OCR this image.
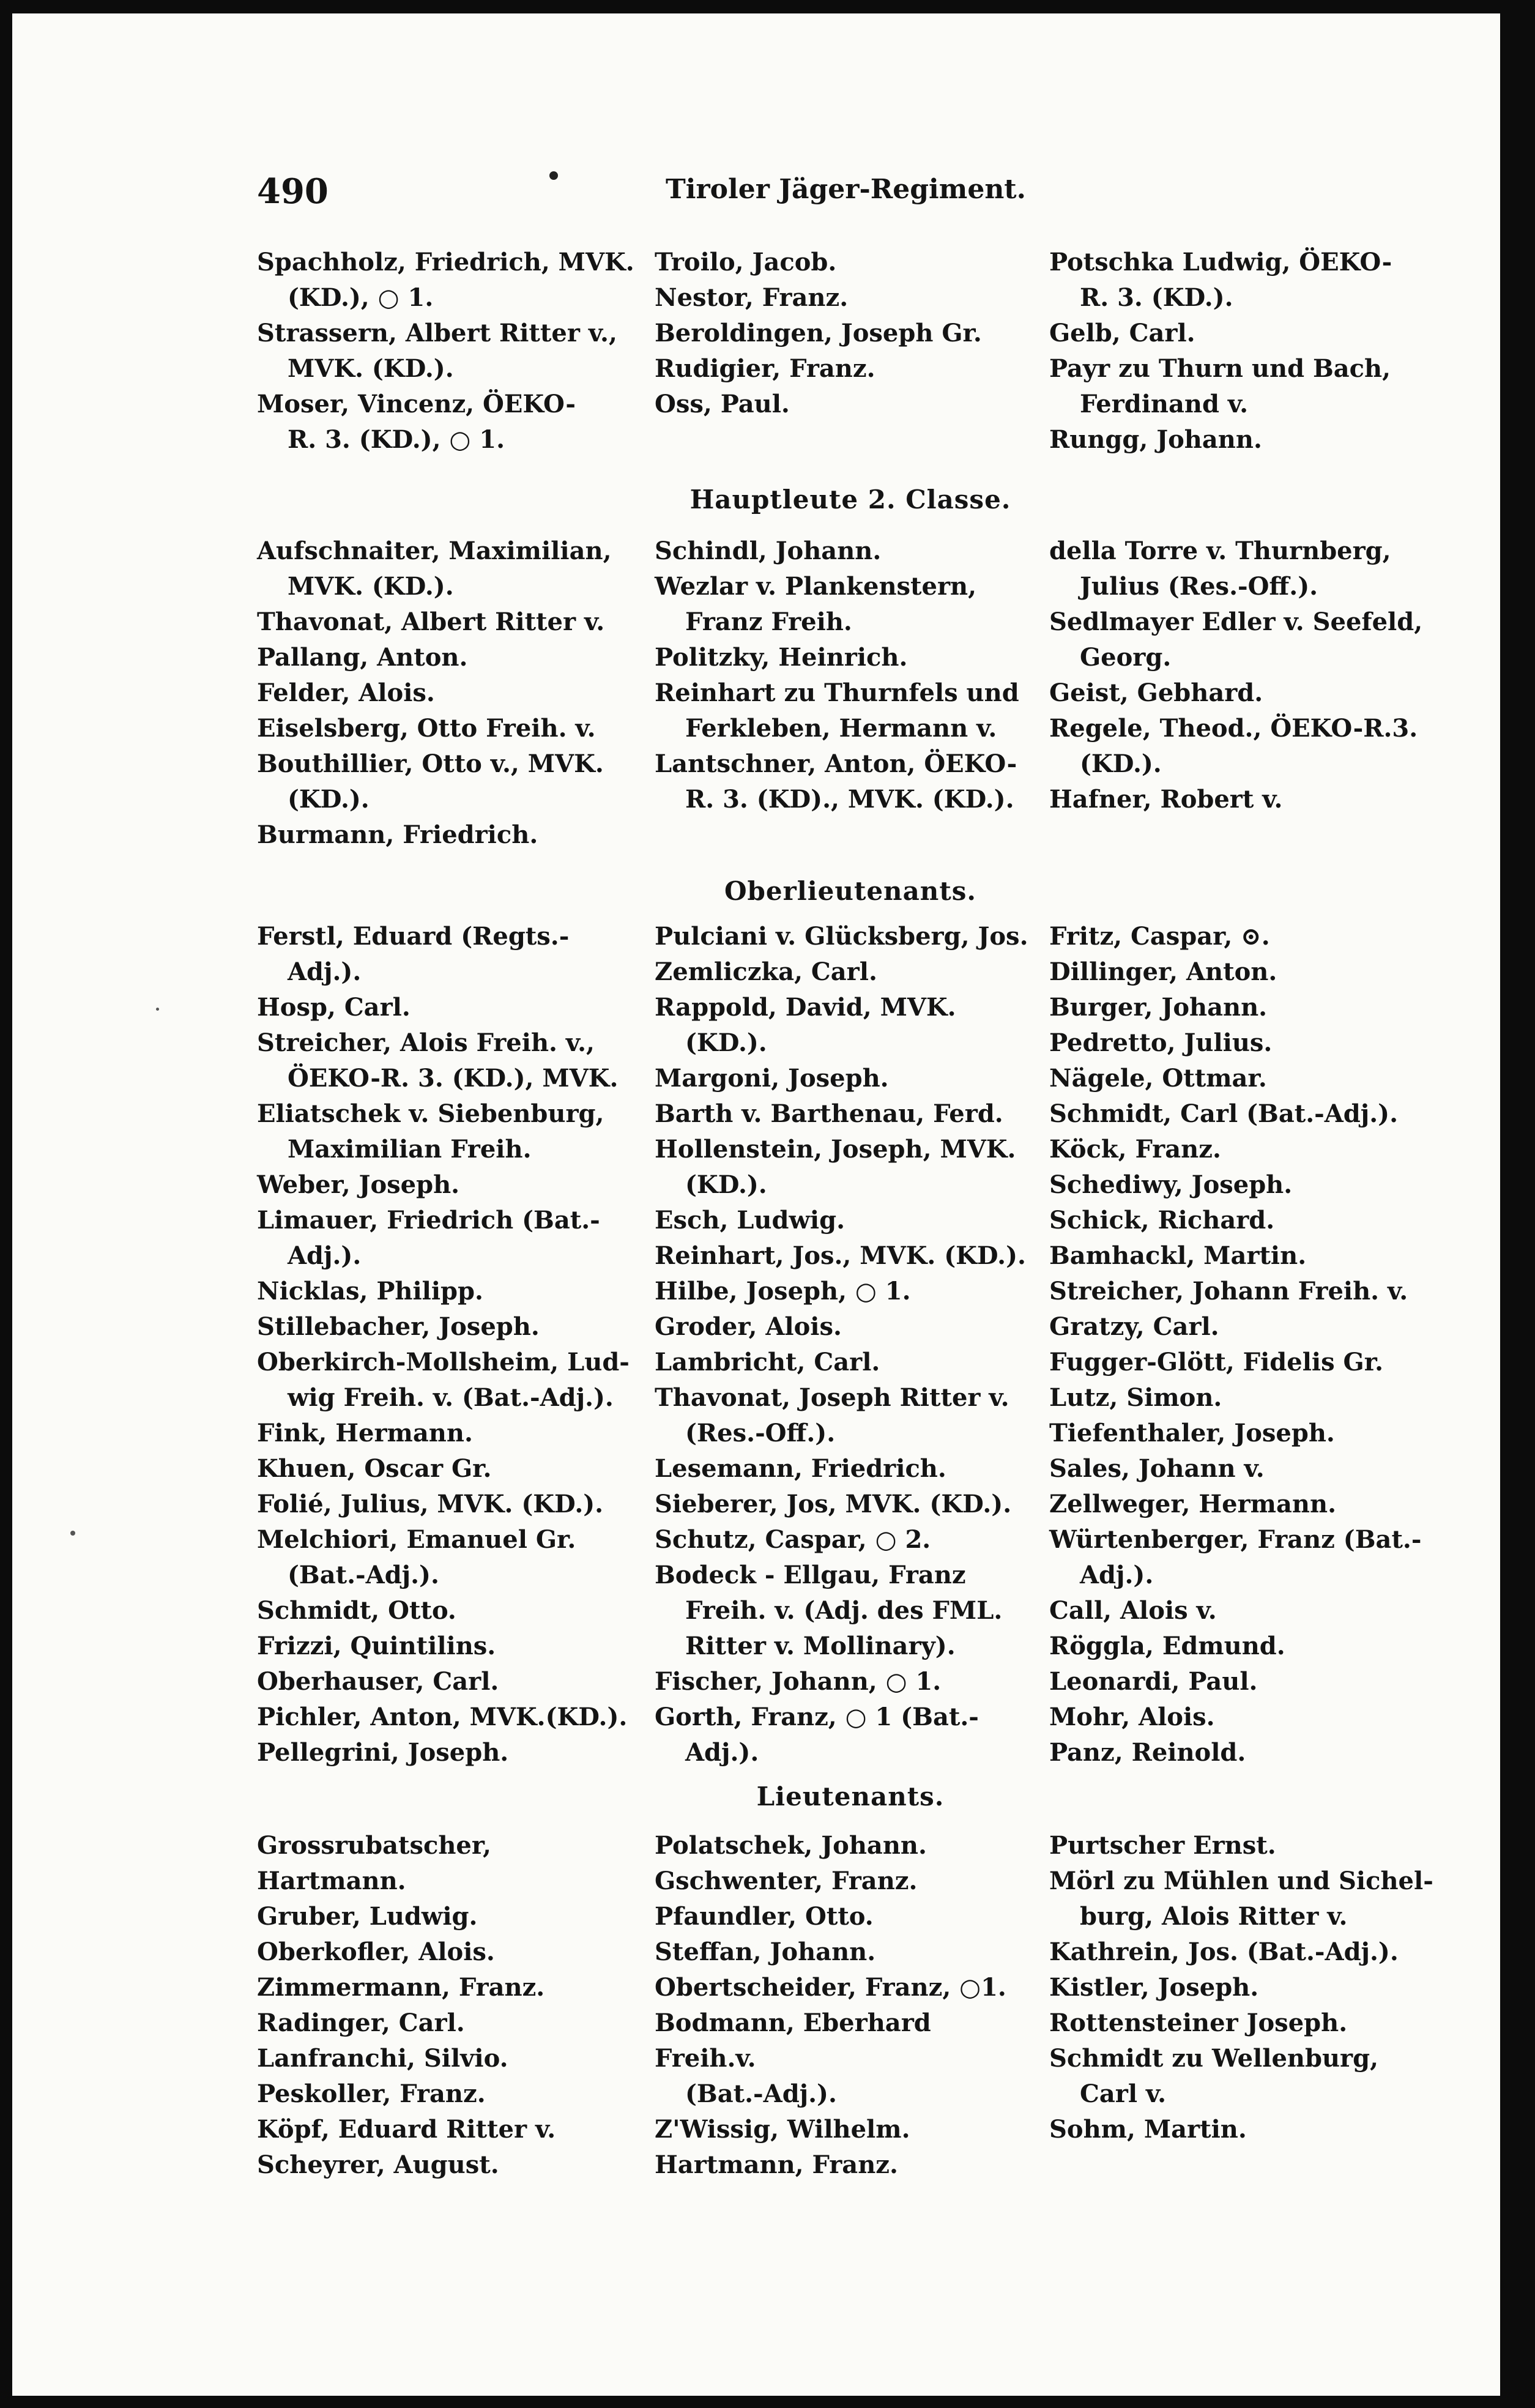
490	Tiroler Jäger-Regiment.
Spachholz, Friedrich, MVK.
(KD.), ○ 1.
Strassern, Albert Ritter v.,
MVK. (KD.).
Moser, Vincenz, ÖEKO-
R. 3. (KD.), ○ 1.
Troilo, Jacob.
Nestor, Franz.
Beroldingen, Joseph Gr.
Rudigier, Franz.
Oss, Paul.
Potschka Ludwig, ÖEKO-
R. 3. (KD.).
Gelb, Carl.
Payr zu Thurn und Bach,
Ferdinand v.
Rungg, Johann.
Hauptleute 2. Classe.
Aufschnaiter, Maximilian,
MVK. (KD.).
Thavonat, Albert Ritter v.
Pallang, Anton.
Felder, Alois.
Eiselsberg, Otto Freih. v.
Bouthillier, Otto v., MVK.
(KD.).
Burmann, Friedrich.
Schindl, Johann.
Wezlar v. Plankenstern,
Franz Freih.
Politzky, Heinrich.
Reinhart zu Thurnfels und
Ferkleben, Hermann v.
Lantschner, Anton, ÖEKO-
R. 3. (KD)., MVK. (KD.).
della Torre v. Thurnberg,
Julius (Res.-Off.).
Sedlmayer Edler v. Seefeld,
Georg.
Geist, Gebhard.
Regele, Theod., ÖEKO-R.3.
(KD.).
Hafner, Robert v.
Oberlieutenants.
Ferstl, Eduard (Regts.-
Adj.).
Hosp, Carl.
Streicher, Alois Freih. v.,
ÖEKO-R. 3. (KD.), MVK.
Eliatschek v. Siebenburg,
Maximilian Freih.
Weber, Joseph.
Limauer, Friedrich (Bat.-
Adj.).
Nicklas, Philipp.
Stillebacher, Joseph.
Oberkirch-Mollsheim, Lud-
wig Freih. v. (Bat.-Adj.).
Fink, Hermann.
Khuen, Oscar Gr.
Folié, Julius, MVK. (KD.).
Melchiori, Emanuel Gr.
(Bat.-Adj.).
Schmidt, Otto.
Frizzi, Quintilins.
Oberhauser, Carl.
Pichler, Anton, MVK.(KD.).
Pellegrini, Joseph.
Pulciani v. Glücksberg, Jos.
Zemliczka, Carl.
Rappold, David, MVK.
(KD.).
Margoni, Joseph.
Barth v. Barthenau, Ferd.
Hollenstein, Joseph, MVK.
(KD.).
Esch, Ludwig.
Reinhart, Jos., MVK. (KD.).
Hilbe, Joseph, ○ 1.
Groder, Alois.
Lambricht, Carl.
Thavonat, Joseph Ritter v.
(Res.-Off.).
Lesemann, Friedrich.
Sieberer, Jos, MVK. (KD.).
Schutz, Caspar, ○ 2.
Bodeck - Ellgau, Franz
Freih. v. (Adj. des FML.
Ritter v. Mollinary).
Fischer, Johann, ○ 1.
Gorth, Franz, ○ 1 (Bat.-
Adj.).
Fritz, Caspar, ⊙.
Dillinger, Anton.
Burger, Johann.
Pedretto, Julius.
Nägele, Ottmar.
Schmidt, Carl (Bat.-Adj.).
Köck, Franz.
Schediwy, Joseph.
Schick, Richard.
Bamhackl, Martin.
Streicher, Johann Freih. v.
Gratzy, Carl.
Fugger-Glött, Fidelis Gr.
Lutz, Simon.
Tiefenthaler, Joseph.
Sales, Johann v.
Zellweger, Hermann.
Würtenberger, Franz (Bat.-
Adj.).
Call, Alois v.
Röggla, Edmund.
Leonardi, Paul.
Mohr, Alois.
Panz, Reinold.
Lieutenants.
Grossrubatscher, Hartmann.
Gruber, Ludwig.
Oberkofler, Alois.
Zimmermann, Franz.
Radinger, Carl.
Lanfranchi, Silvio.
Peskoller, Franz.
Köpf, Eduard Ritter v.
Scheyrer, August.
Polatschek, Johann.
Gschwenter, Franz.
Pfaundler, Otto.
Steffan, Johann.
Obertscheider, Franz, ○1.
Bodmann, Eberhard Freih.v.
(Bat.-Adj.).
Z'Wissig, Wilhelm.
Hartmann, Franz.
Purtscher Ernst.
Mörl zu Mühlen und Sichel-
burg, Alois Ritter v.
Kathrein, Jos. (Bat.-Adj.).
Kistler, Joseph.
Rottensteiner Joseph.
Schmidt zu Wellenburg,
Carl v.
Sohm, Martin.
